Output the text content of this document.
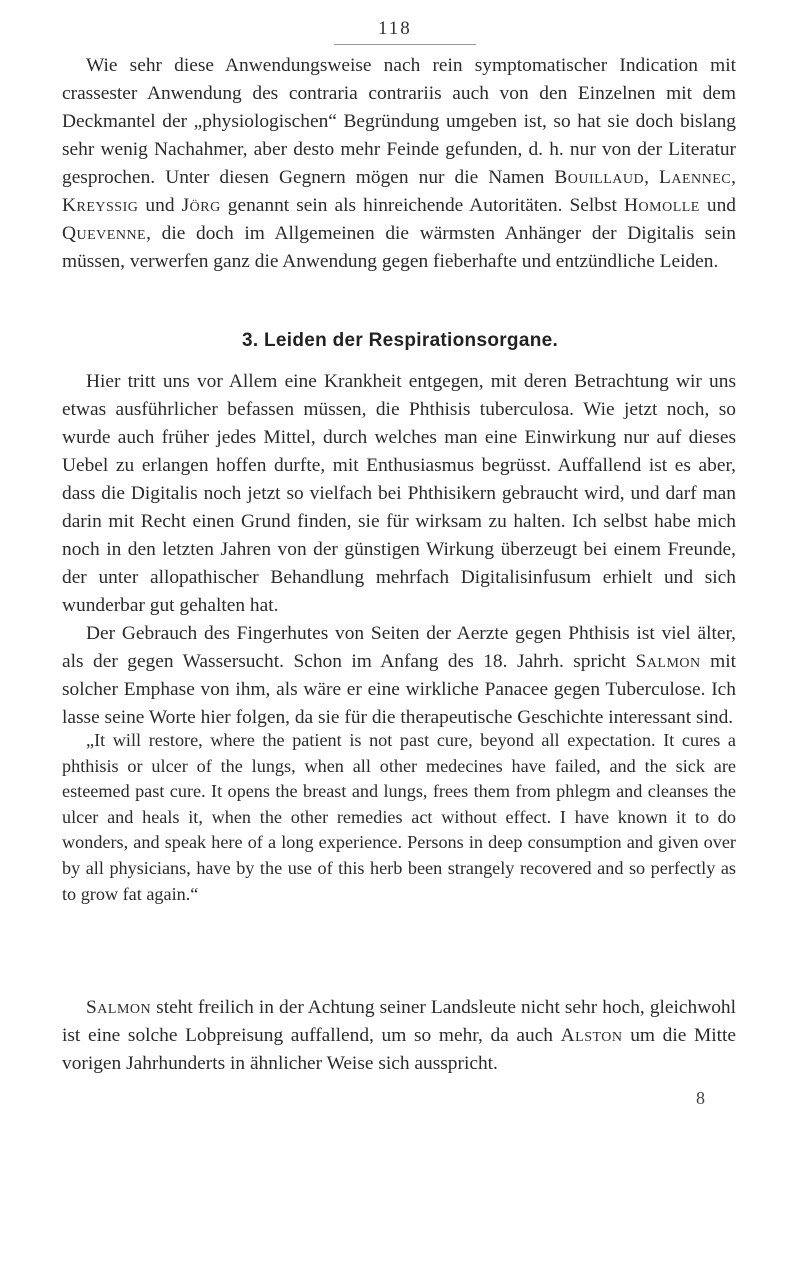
118

Wie sehr diese Anwendungsweise nach rein symptomatischer Indication mit crassester Anwendung des contraria contrariis auch von den Einzelnen mit dem Deckmantel der „physiologischen“ Begründung umgeben ist, so hat sie doch bislang sehr wenig Nachahmer, aber desto mehr Feinde gefunden, d. h. nur von der Literatur gesprochen. Unter diesen Gegnern mögen nur die Namen Bouillaud, Laennec, Kreyssig und Jörg genannt sein als hinreichende Autoritäten. Selbst Homolle und Quevenne, die doch im Allgemeinen die wärmsten Anhänger der Digitalis sein müssen, verwerfen ganz die Anwendung gegen fieberhafte und entzündliche Leiden.

3. Leiden der Respirationsorgane.

Hier tritt uns vor Allem eine Krankheit entgegen, mit deren Betrachtung wir uns etwas ausführlicher befassen müssen, die Phthisis tuberculosa. Wie jetzt noch, so wurde auch früher jedes Mittel, durch welches man eine Einwirkung nur auf dieses Uebel zu erlangen hoffen durfte, mit Enthusiasmus begrüsst. Auffallend ist es aber, dass die Digitalis noch jetzt so vielfach bei Phthisikern gebraucht wird, und darf man darin mit Recht einen Grund finden, sie für wirksam zu halten. Ich selbst habe mich noch in den letzten Jahren von der günstigen Wirkung überzeugt bei einem Freunde, der unter allopathischer Behandlung mehrfach Digitalisinfusum erhielt und sich wunderbar gut gehalten hat.

Der Gebrauch des Fingerhutes von Seiten der Aerzte gegen Phthisis ist viel älter, als der gegen Wassersucht. Schon im Anfang des 18. Jahrh. spricht Salmon mit solcher Emphase von ihm, als wäre er eine wirkliche Panacee gegen Tuberculose. Ich lasse seine Worte hier folgen, da sie für die therapeutische Geschichte interessant sind.

„It will restore, where the patient is not past cure, beyond all expectation. It cures a phthisis or ulcer of the lungs, when all other medecines have failed, and the sick are esteemed past cure. It opens the breast and lungs, frees them from phlegm and cleanses the ulcer and heals it, when the other remedies act without effect. I have known it to do wonders, and speak here of a long experience. Persons in deep consumption and given over by all physicians, have by the use of this herb been strangely recovered and so perfectly as to grow fat again.“

Salmon steht freilich in der Achtung seiner Landsleute nicht sehr hoch, gleichwohl ist eine solche Lobpreisung auffallend, um so mehr, da auch Alston um die Mitte vorigen Jahrhunderts in ähnlicher Weise sich ausspricht.

8
